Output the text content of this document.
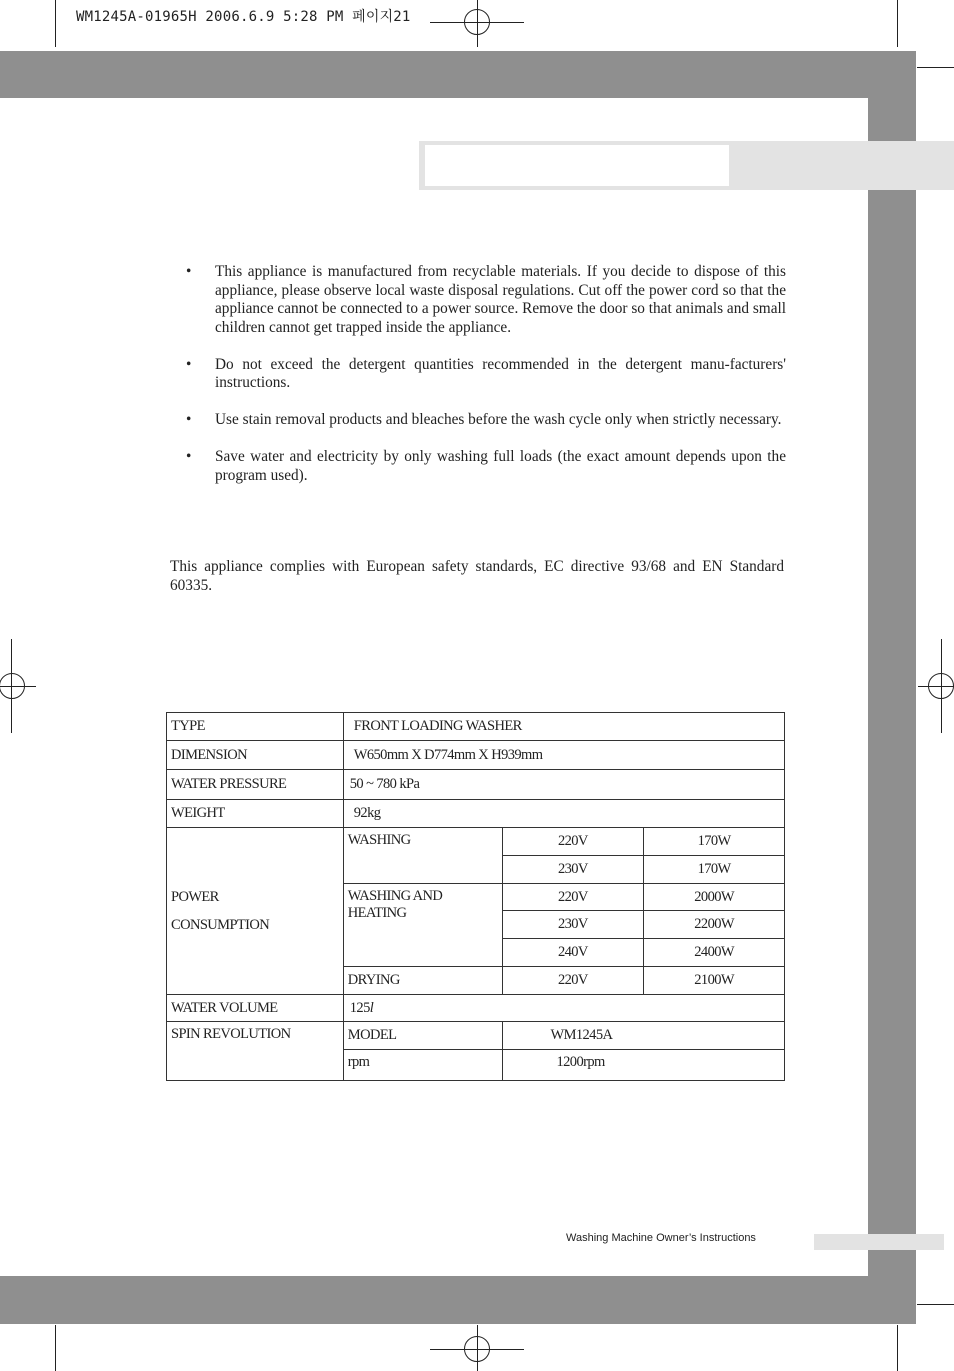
WM1245A-01965H 2006.6.9 5:28 PM 페이지21
• This appliance is manufactured from recyclable materials. If you decide to dispose of this appliance, please observe local waste disposal regulations. Cut off the power cord so that the appliance cannot be connected to a power source. Remove the door so that animals and small children cannot get trapped inside the appliance.
• Do not exceed the detergent quantities recommended in the detergent manu-facturers' instructions.
• Use stain removal products and bleaches before the wash cycle only when strictly necessary.
• Save water and electricity by only washing full loads (the exact amount depends upon the program used).

This appliance complies with European safety standards, EC directive 93/68 and EN Standard 60335.

TYPE	FRONT LOADING WASHER		
DIMENSION	W650mm X D774mm X H939mm		
WATER PRESSURE	50 ~ 780 kPa		
WEIGHT	92kg		

POWER
CONSUMPTION	WASHING	220V	170W
		230V	170W
	WASHING AND HEATING	220V	2000W
		230V	2200W
		240V	2400W
	DRYING	220V	2100W
WATER VOLUME	125l		
SPIN REVOLUTION	MODEL	WM1245A	
	rpm	1200rpm	
Washing Machine Owner’s Instructions
